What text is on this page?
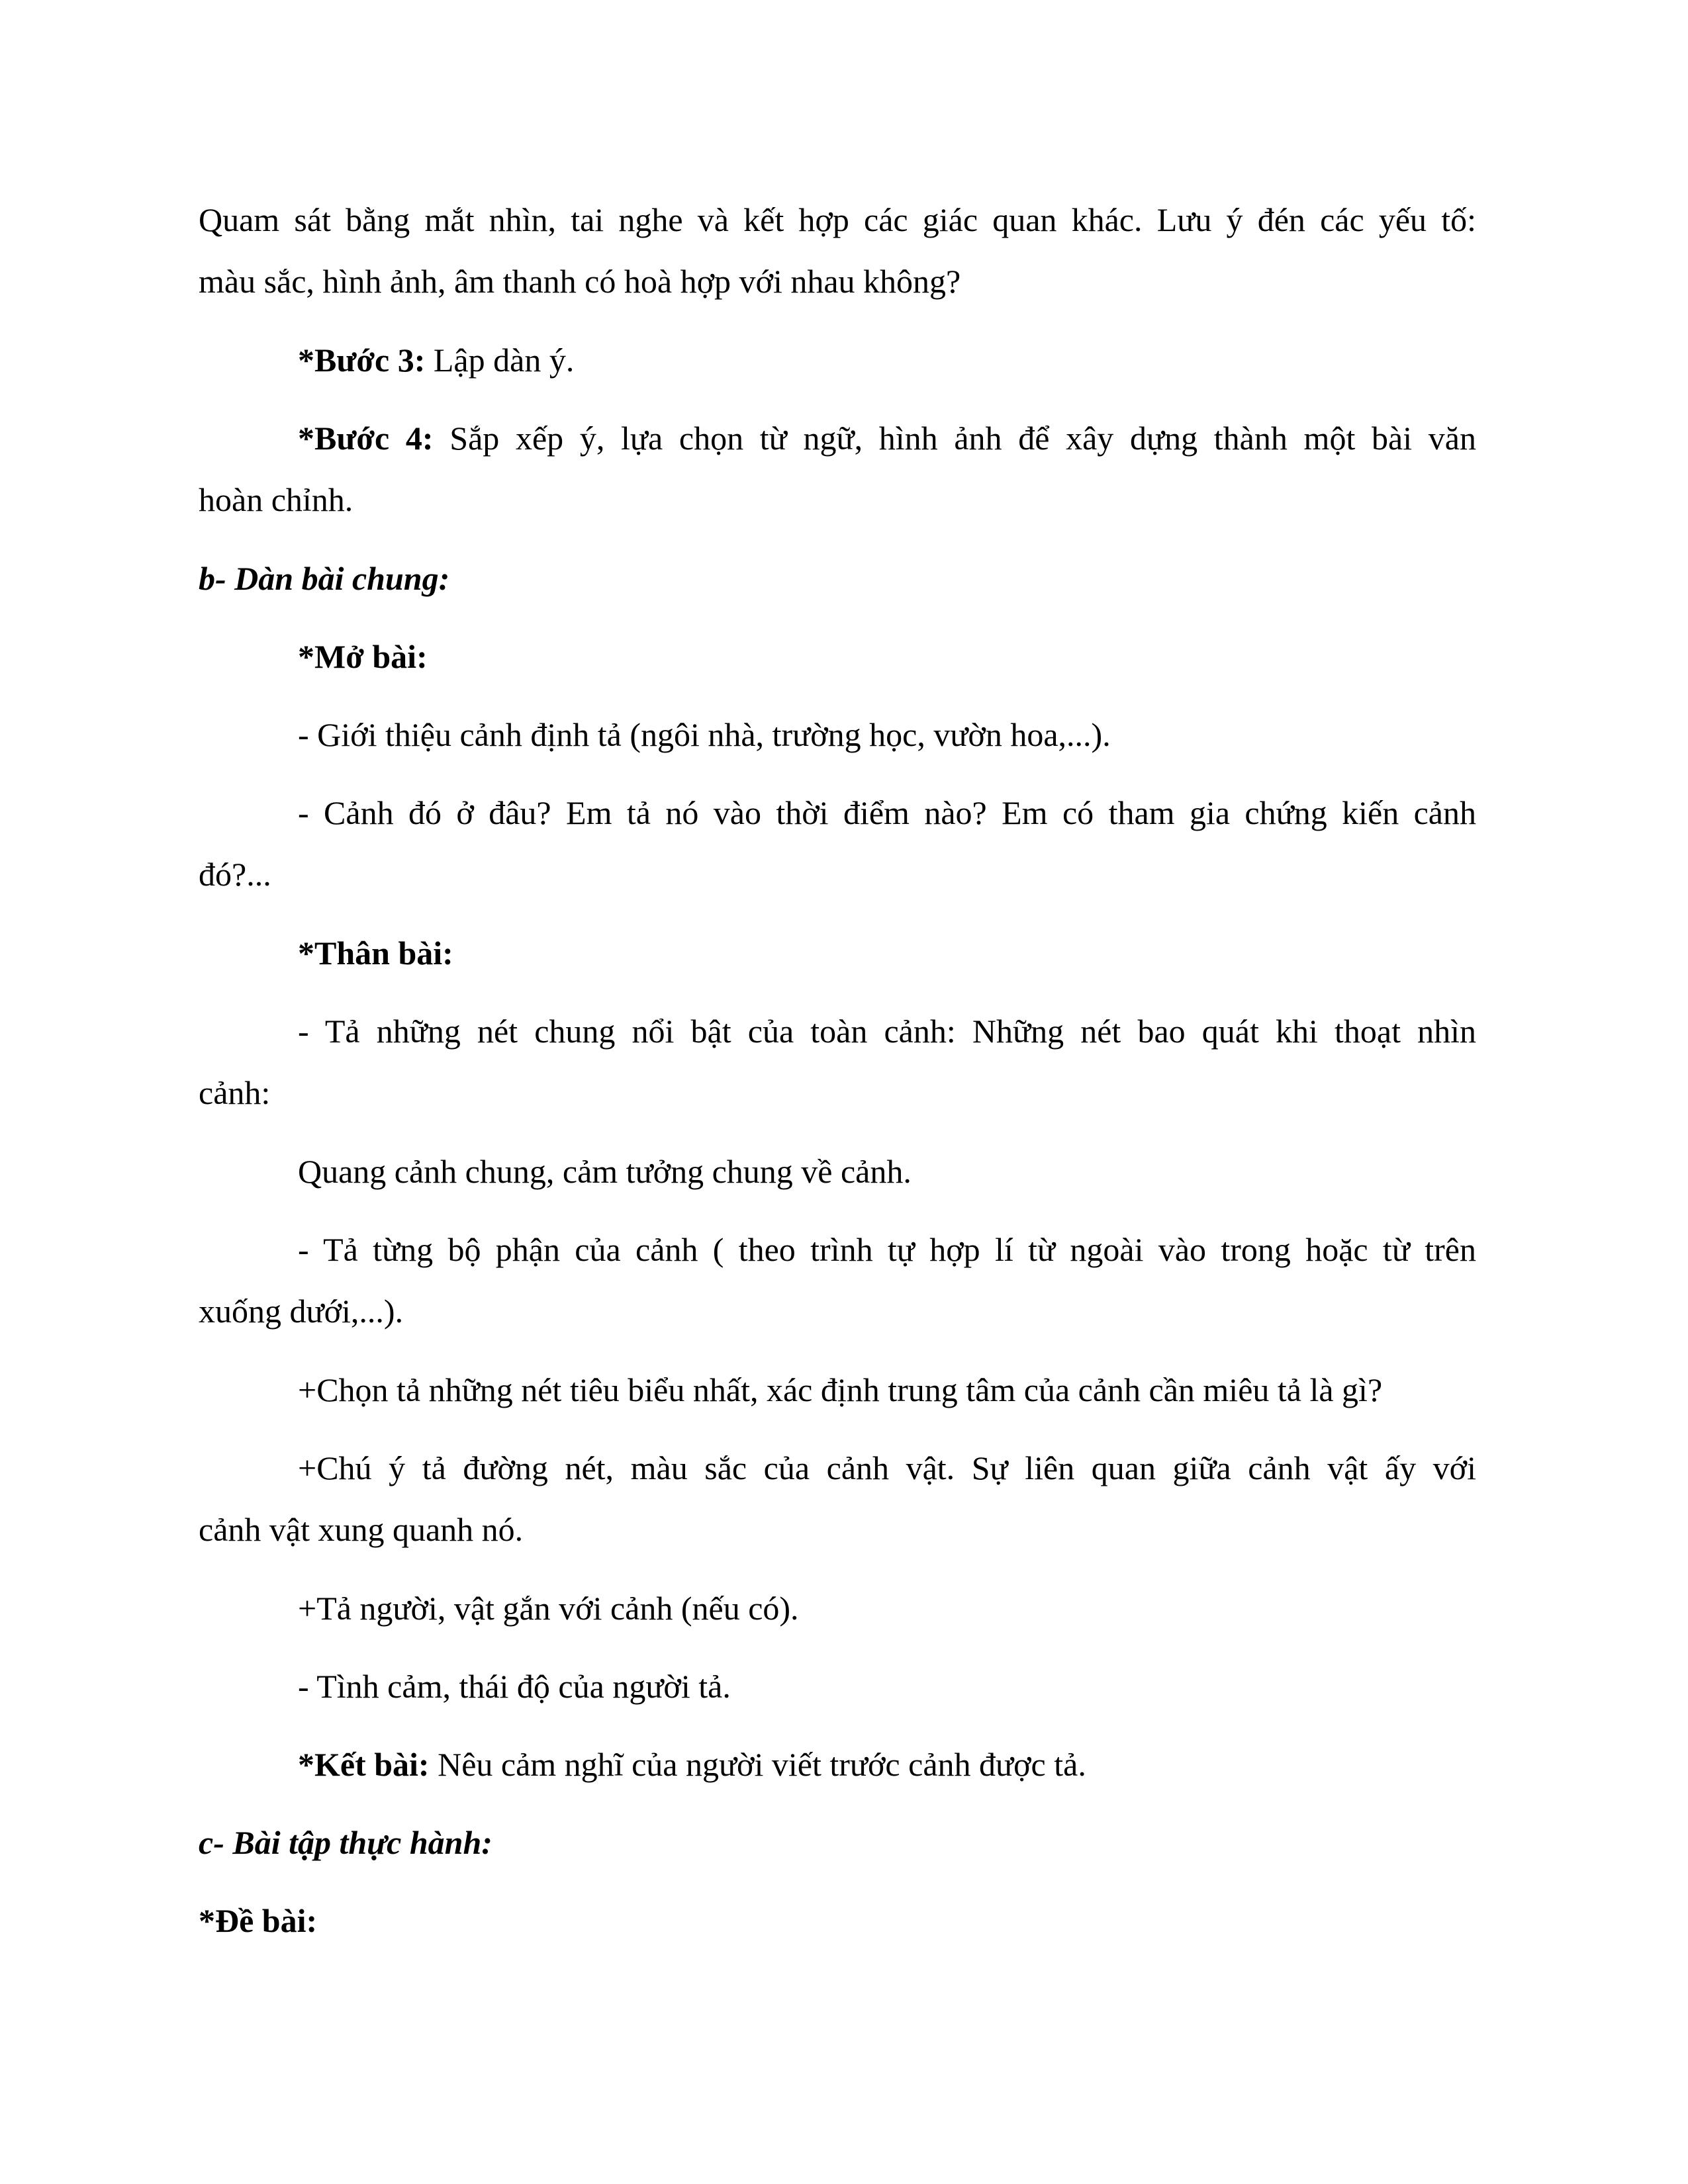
Quam sát bằng mắt nhìn, tai nghe và kết hợp các giác quan khác. Lưu ý đén các yếu tố:
màu sắc, hình ảnh, âm thanh có hoà hợp với nhau không?
*Bước 3: Lập dàn ý.
*Bước 4: Sắp xếp ý, lựa chọn từ ngữ, hình ảnh để xây dựng thành một bài văn
hoàn chỉnh.
b- Dàn bài chung:
*Mở bài:
- Giới thiệu cảnh định tả (ngôi nhà, trường học, vườn hoa,...).
- Cảnh đó ở đâu? Em tả nó vào thời điểm nào? Em có tham gia chứng kiến cảnh
đó?...
*Thân bài:
- Tả những nét chung nổi bật của toàn cảnh: Những nét bao quát khi thoạt nhìn
cảnh:
Quang cảnh chung, cảm tưởng chung về cảnh.
- Tả từng bộ phận của cảnh ( theo trình tự hợp lí từ ngoài vào trong hoặc từ trên
xuống dưới,...).
+Chọn tả những nét tiêu biểu nhất, xác định trung tâm của cảnh cần miêu tả là gì?
+Chú ý tả đường nét, màu sắc của cảnh vật. Sự liên quan giữa cảnh vật ấy với
cảnh vật xung quanh nó.
+Tả người, vật gắn với cảnh (nếu có).
- Tình cảm, thái độ của người tả.
*Kết bài: Nêu cảm nghĩ của người viết trước cảnh được tả.
c- Bài tập thực hành:
*Đề bài:
